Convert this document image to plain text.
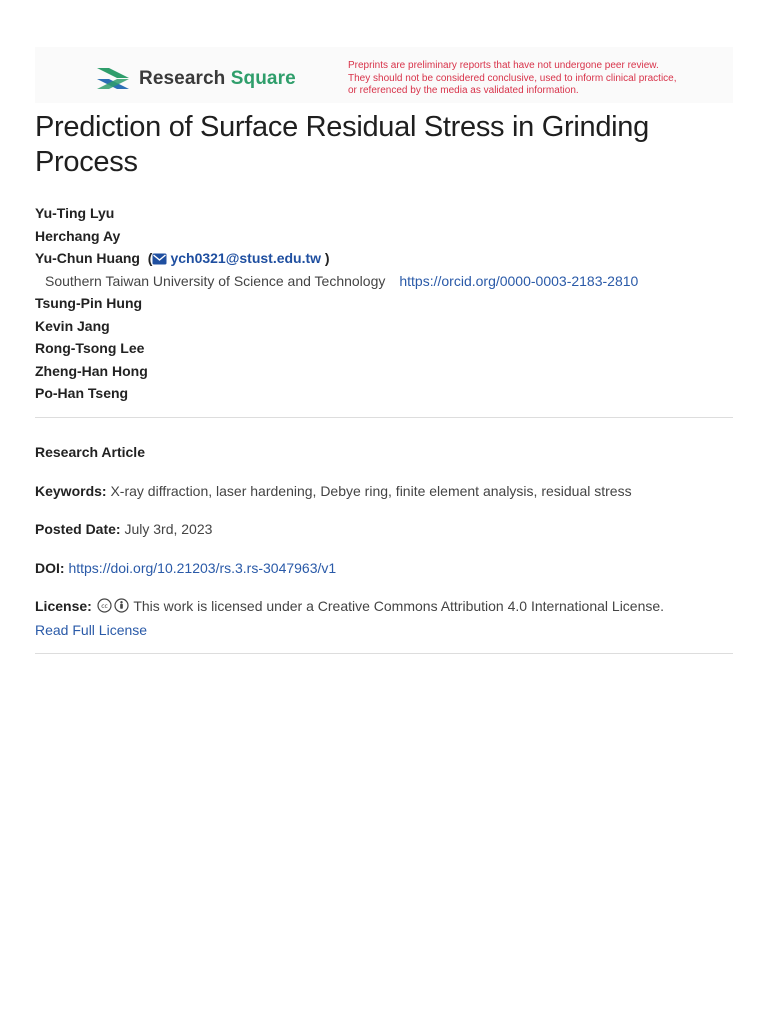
Research Square
Preprints are preliminary reports that have not undergone peer review.
They should not be considered conclusive, used to inform clinical practice,
or referenced by the media as validated information.
Prediction of Surface Residual Stress in Grinding Process
Yu-Ting Lyu
Herchang Ay
Yu-Chun Huang  ( ych0321@stust.edu.tw )
Southern Taiwan University of Science and Technology https://orcid.org/0000-0003-2183-2810
Tsung-Pin Hung
Kevin Jang
Rong-Tsong Lee
Zheng-Han Hong
Po-Han Tseng
Research Article
Keywords: X-ray diffraction, laser hardening, Debye ring, finite element analysis, residual stress
Posted Date: July 3rd, 2023
DOI: https://doi.org/10.21203/rs.3.rs-3047963/v1
License: cc This work is licensed under a Creative Commons Attribution 4.0 International License.
Read Full License
